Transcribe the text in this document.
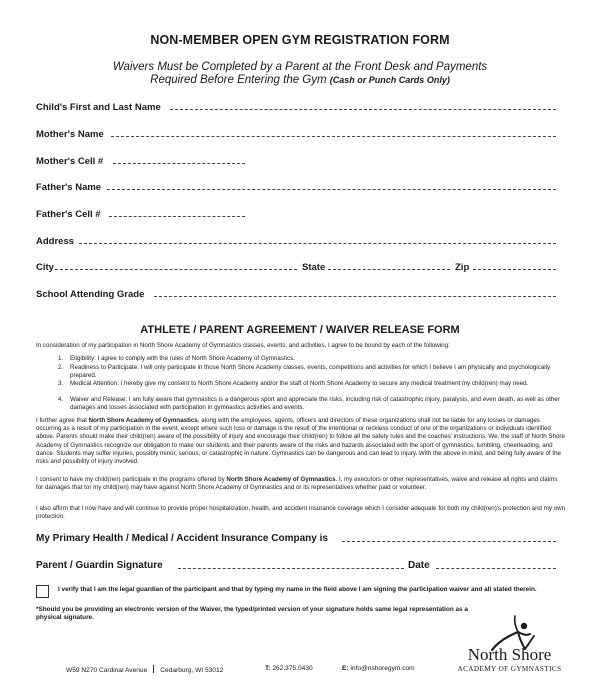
NON-MEMBER OPEN GYM REGISTRATION FORM
Waivers Must be Completed by a Parent at the Front Desk and Payments
Required Before Entering the Gym (Cash or Punch Cards Only)
Child's First and Last Name
Mother's Name
Mother's Cell #
Father's Name
Father's Cell #
Address
City	State	Zip
School Attending Grade
ATHLETE / PARENT AGREEMENT / WAIVER RELEASE FORM
In consideration of my participation in North Shore Academy of Gymnastics classes, events, and activities, I agree to be bound by each of the following:
1. Eligibility: I agree to comply with the rules of North Shore Academy of Gymnastics.
2. Readiness to Participate: I will only participate in those North Shore Academy classes, events, competitions and activities for which I believe I am physically and psychologically prepared.
3. Medical Attention: I hereby give my consent to North Shore Academy and/or the staff of North Shore Academy to secure any medical treatment my child(ren) may need.
4. Waiver and Release: I am fully aware that gymnastics is a dangerous sport and appreciate the risks, including risk of catastrophic injury, paralysis, and even death, as well as other damages and losses associated with participation in gymnastics activities and events.
I further agree that North Shore Academy of Gymnastics, along with the employees, agents, officers and directors of these organizations shall not be liable for any losses or damages occurring as a result of my participation in the event, except where such loss or damage is the result of the intentional or reckless conduct of one of the organizations or individuals identified above. Parents should make their child(ren) aware of the possibility of injury and encourage their child(ren) to follow all the safety rules and the coaches' instructions. We, the staff of North Shore Academy of Gymnastics recognize our obligation to make our students and their parents aware of the risks and hazards associated with the sport of gymnastics, tumbling, cheerleading, and dance. Students may suffer injuries, possibly minor, serious, or catastrophic in nature. Gymnastics can be dangerous and can lead to injury. With the above in mind, and being fully aware of the risks and possibility of injury involved.
I consent to have my child(ren) participate in the programs offered by North Shore Academy of Gymnastics. I, my executors or other representatives, waive and release all rights and claims for damages that tor my child(ren) may have against North Shore Academy of Gymnastics and or its representatives whether paid or volunteer.
I also affirm that I now have and will continue to provide proper hospitalization, health, and accident insurance coverage which I consider adequate for both my child(ren)'s protection and my own protection.
My Primary Health / Medical / Accident Insurance Company is
Parent / Guardin Signature	Date
I verify that I am the legal guardian of the participant and that by typing my name in the field above I am signing the participation waiver and all stated therein.
*Should you be providing an electronic version of the Waiver, the typed/printed version of your signature holds same legal representation as a physical signature.
W59 N270 Cardinal Avenue Cedarburg, WI 53012	T: 262.375.0430	E: info@nshoregym.com
North Shore
ACADEMY OF GYMNASTICS
